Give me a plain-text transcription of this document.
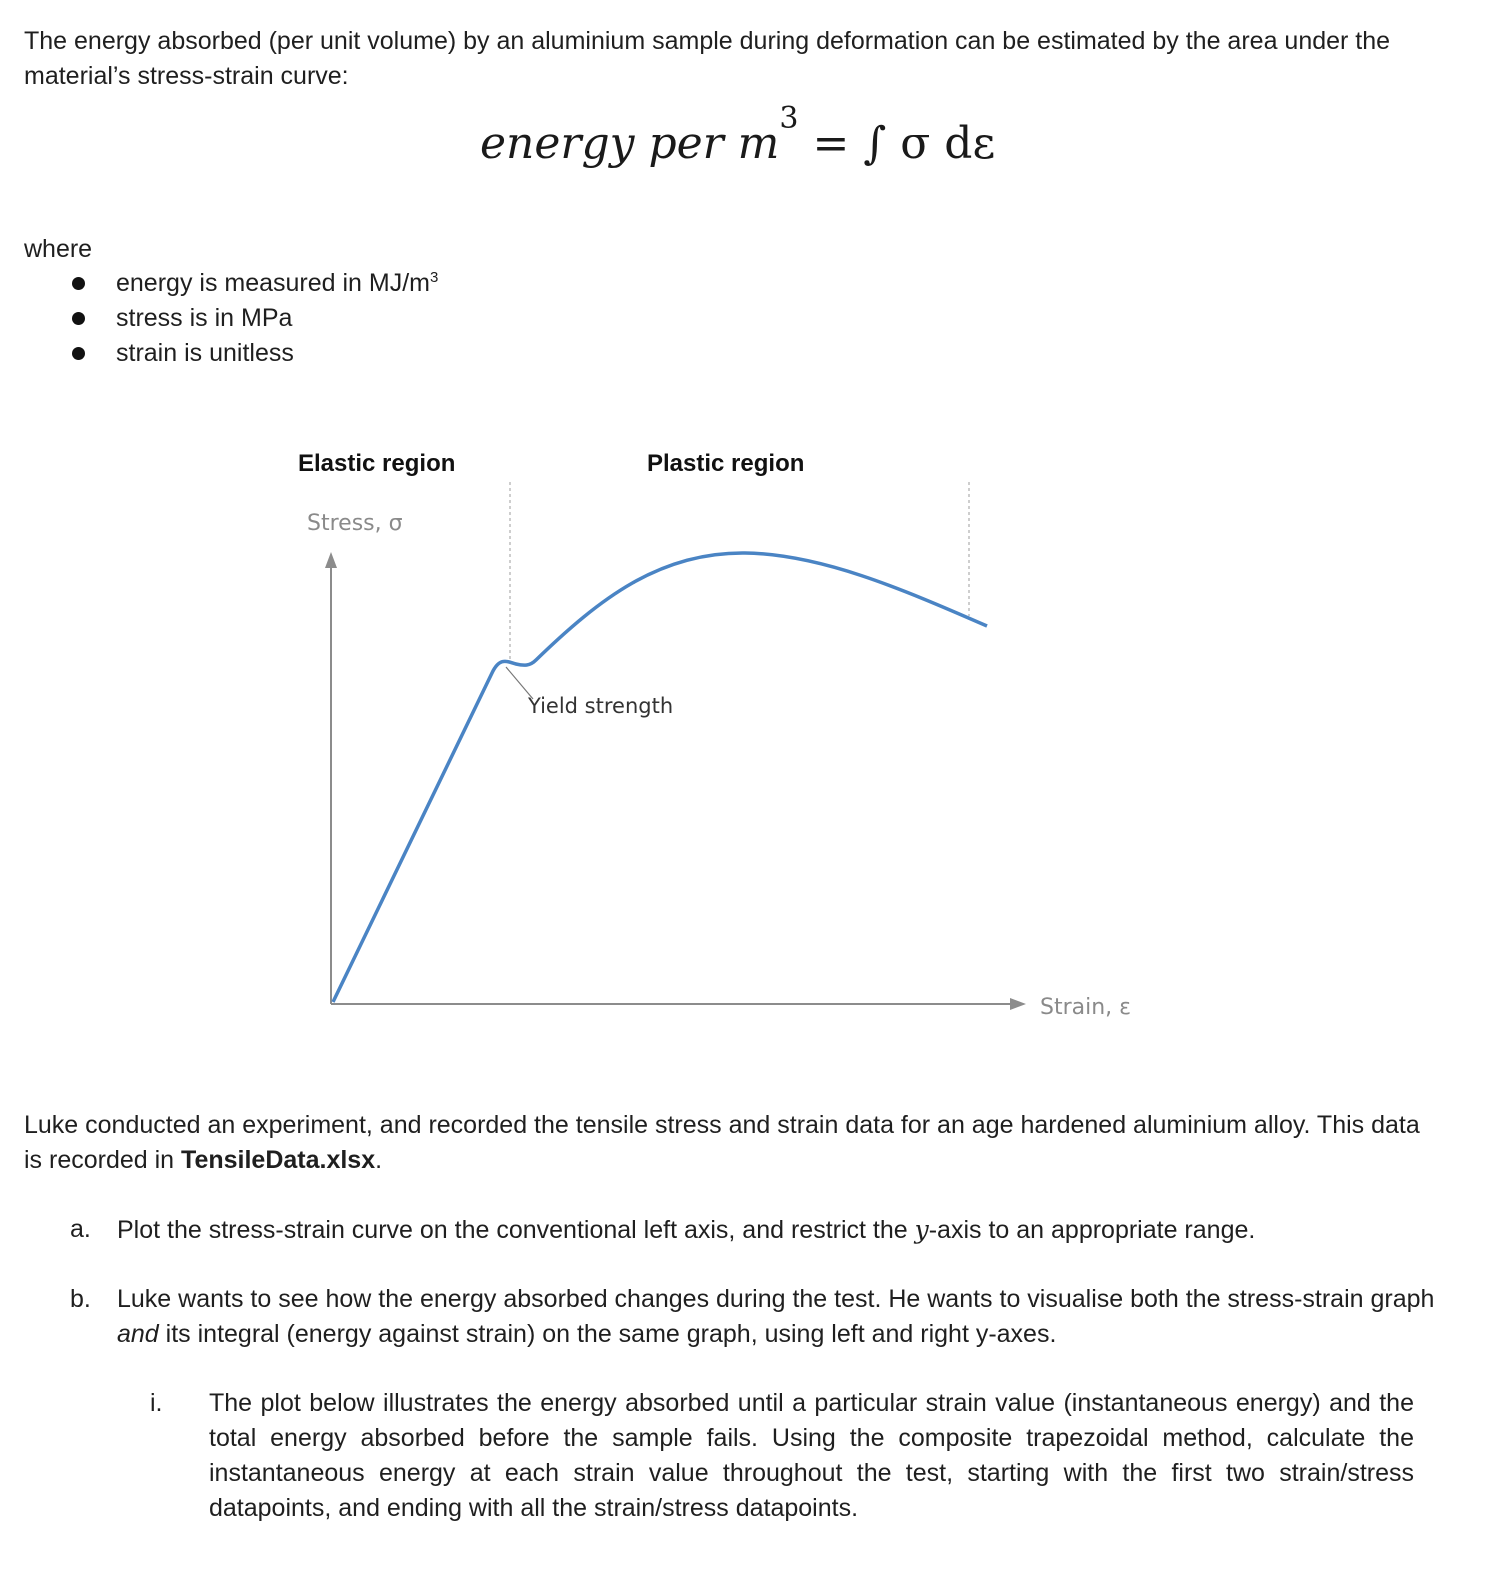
The energy absorbed (per unit volume) by an aluminium sample during deformation can be estimated by the area under the material’s stress-strain curve:
energy per $m^3$ = ∫ σ dε
where
energy is measured in $MJ/m^3$
stress is in MPa
strain is unitless
Elastic region	Plastic region
Stress, σ
Strain, ε
Yield strength
Luke conducted an experiment, and recorded the tensile stress and strain data for an age hardened aluminium alloy. This data is recorded in TensileData.xlsx.
a. Plot the stress-strain curve on the conventional left axis, and restrict the y-axis to an appropriate range.
b. Luke wants to see how the energy absorbed changes during the test. He wants to visualise both the stress-strain graph and its integral (energy against strain) on the same graph, using left and right y-axes.
i. The plot below illustrates the energy absorbed until a particular strain value (instantaneous energy) and the total energy absorbed before the sample fails. Using the composite trapezoidal method, calculate the instantaneous energy at each strain value throughout the test, starting with the first two strain/stress datapoints, and ending with all the strain/stress datapoints.
